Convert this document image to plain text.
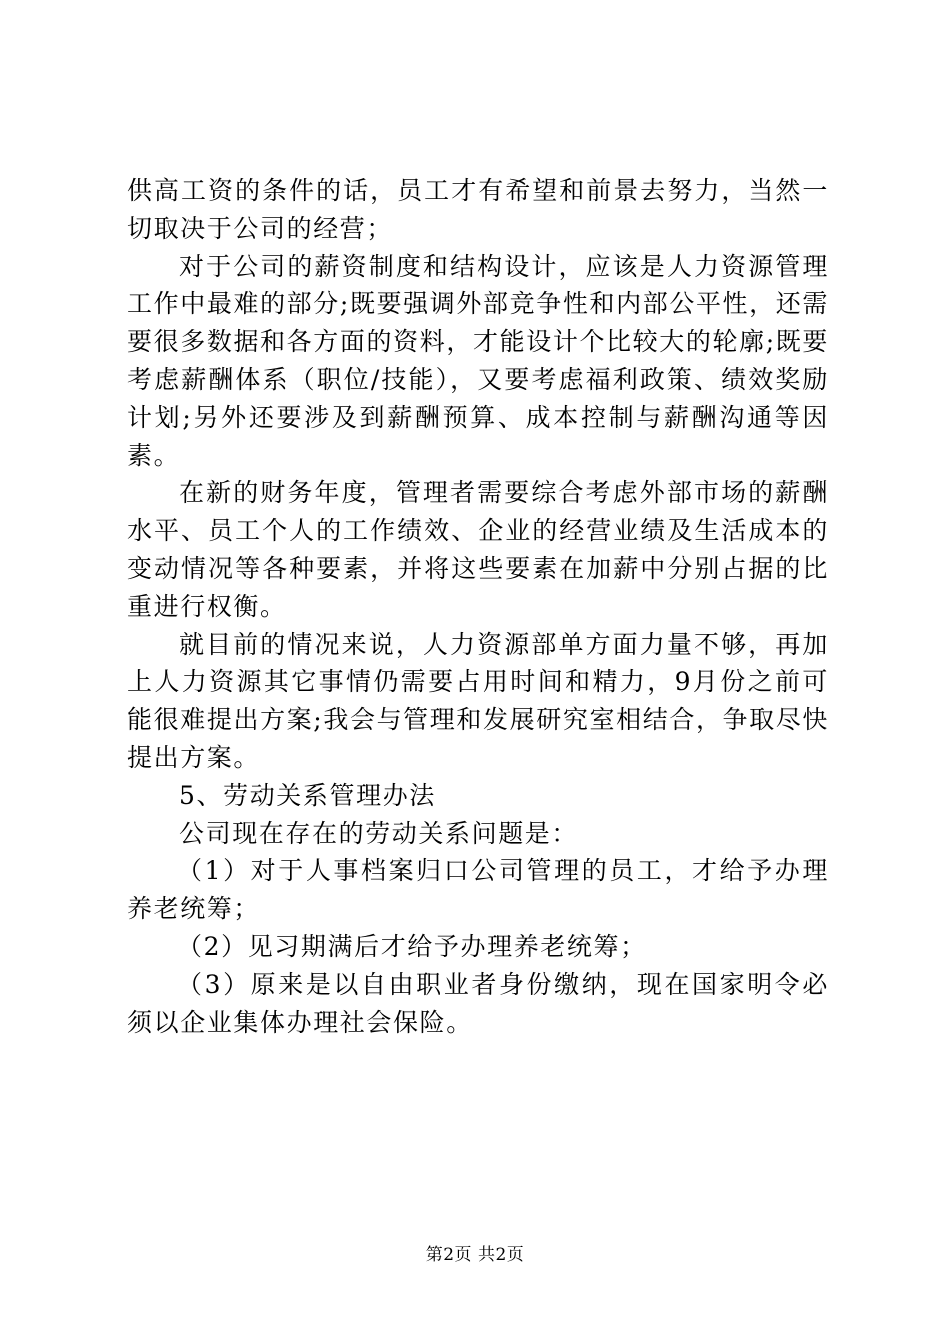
供高工资的条件的话，员工才有希望和前景去努力，当然一切取决于公司的经营；

对于公司的薪资制度和结构设计，应该是人力资源管理工作中最难的部分;既要强调外部竞争性和内部公平性，还需要很多数据和各方面的资料，才能设计个比较大的轮廓;既要考虑薪酬体系（职位/技能），又要考虑福利政策、绩效奖励计划;另外还要涉及到薪酬预算、成本控制与薪酬沟通等因素。

在新的财务年度，管理者需要综合考虑外部市场的薪酬水平、员工个人的工作绩效、企业的经营业绩及生活成本的变动情况等各种要素，并将这些要素在加薪中分别占据的比重进行权衡。

就目前的情况来说，人力资源部单方面力量不够，再加上人力资源其它事情仍需要占用时间和精力，9月份之前可能很难提出方案;我会与管理和发展研究室相结合，争取尽快提出方案。

5、劳动关系管理办法

公司现在存在的劳动关系问题是：

（1）对于人事档案归口公司管理的员工，才给予办理养老统筹；

（2）见习期满后才给予办理养老统筹；

（3）原来是以自由职业者身份缴纳，现在国家明令必须以企业集体办理社会保险。

第2页 共2页
